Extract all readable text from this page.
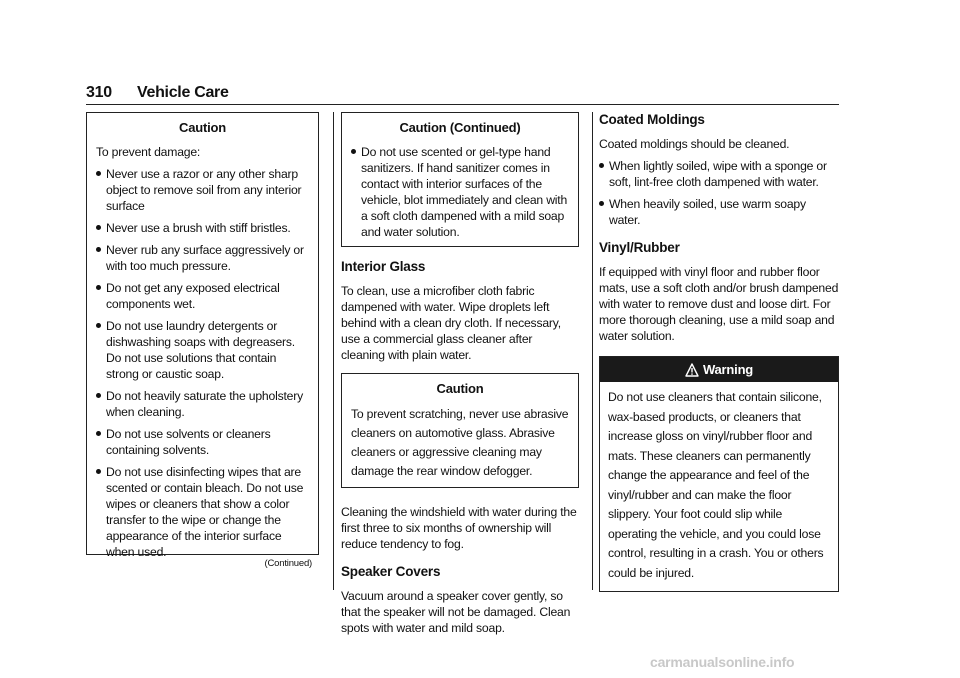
310 Vehicle Care
Caution

To prevent damage:

Never use a razor or any other sharp object to remove soil from any interior surface
Never use a brush with stiff bristles.
Never rub any surface aggressively or with too much pressure.
Do not get any exposed electrical components wet.
Do not use laundry detergents or dishwashing soaps with degreasers. Do not use solutions that contain strong or caustic soap.
Do not heavily saturate the upholstery when cleaning.
Do not use solvents or cleaners containing solvents.
Do not use disinfecting wipes that are scented or contain bleach. Do not use wipes or cleaners that show a color transfer to the wipe or change the appearance of the interior surface when used.
(Continued)
Caution (Continued)
Do not use scented or gel-type hand sanitizers. If hand sanitizer comes in contact with interior surfaces of the vehicle, blot immediately and clean with a soft cloth dampened with a mild soap and water solution.
Interior Glass

To clean, use a microfiber cloth fabric dampened with water. Wipe droplets left behind with a clean dry cloth. If necessary, use a commercial glass cleaner after cleaning with plain water.

Caution
To prevent scratching, never use abrasive cleaners on automotive glass. Abrasive cleaners or aggressive cleaning may damage the rear window defogger.

Cleaning the windshield with water during the first three to six months of ownership will reduce tendency to fog.

Speaker Covers

Vacuum around a speaker cover gently, so that the speaker will not be damaged. Clean spots with water and mild soap.

Coated Moldings

Coated moldings should be cleaned.

When lightly soiled, wipe with a sponge or soft, lint-free cloth dampened with water.
When heavily soiled, use warm soapy water.
Vinyl/Rubber

If equipped with vinyl floor and rubber floor mats, use a soft cloth and/or brush dampened with water to remove dust and loose dirt. For more thorough cleaning, use a mild soap and water solution.

Warning
Do not use cleaners that contain silicone, wax-based products, or cleaners that increase gloss on vinyl/rubber floor and mats. These cleaners can permanently change the appearance and feel of the vinyl/rubber and can make the floor slippery. Your foot could slip while operating the vehicle, and you could lose control, resulting in a crash. You or others could be injured.
carmanualsonline.info
